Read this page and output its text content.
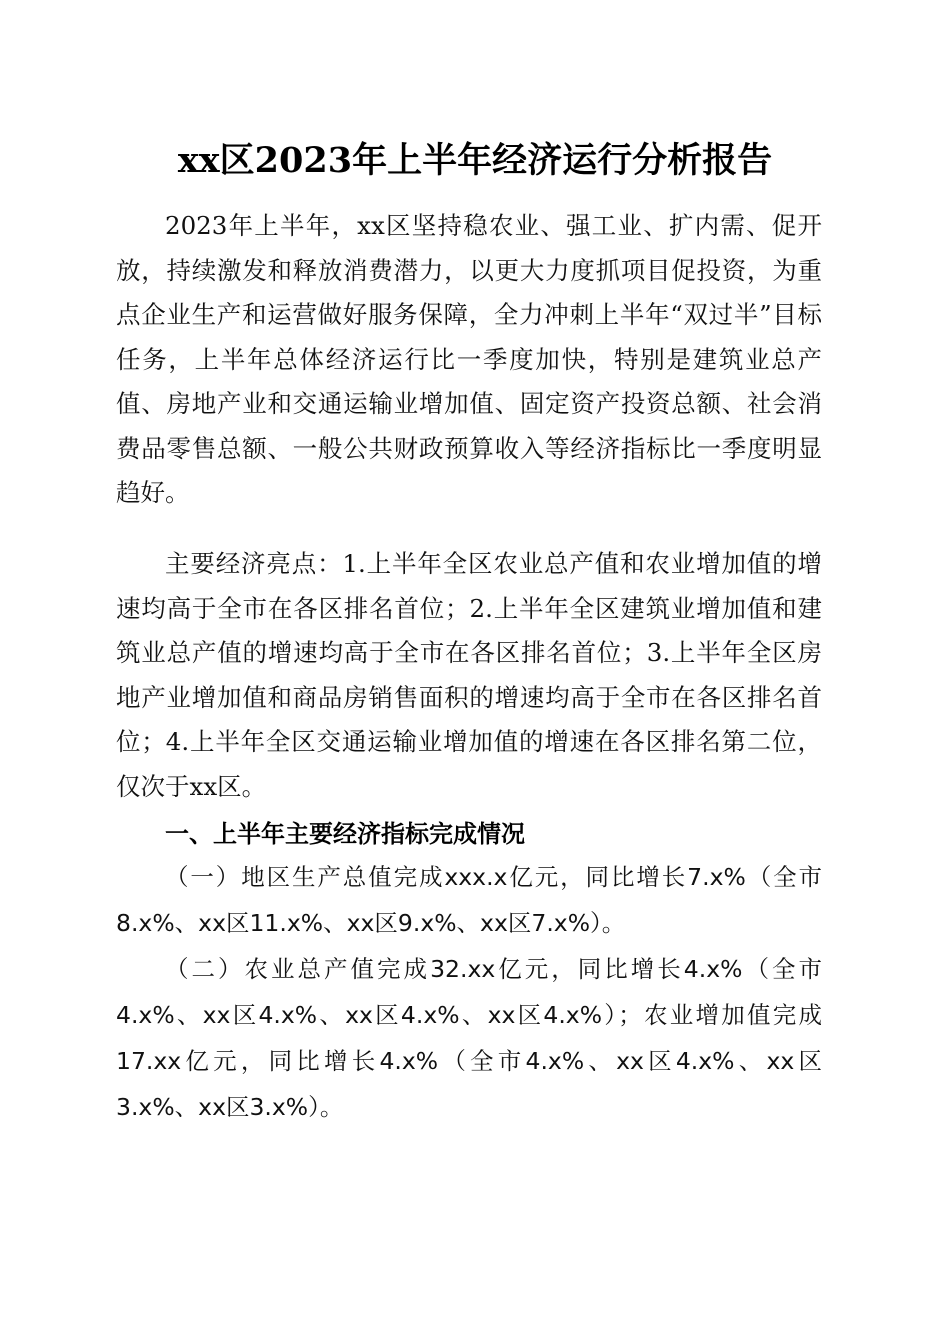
xx区2023年上半年经济运行分析报告

2023年上半年，xx区坚持稳农业、强工业、扩内需、促开放，持续激发和释放消费潜力，以更大力度抓项目促投资，为重点企业生产和运营做好服务保障，全力冲刺上半年“双过半”目标任务，上半年总体经济运行比一季度加快，特别是建筑业总产值、房地产业和交通运输业增加值、固定资产投资总额、社会消费品零售总额、一般公共财政预算收入等经济指标比一季度明显趋好。

主要经济亮点：1.上半年全区农业总产值和农业增加值的增速均高于全市在各区排名首位；2.上半年全区建筑业增加值和建筑业总产值的增速均高于全市在各区排名首位；3.上半年全区房地产业增加值和商品房销售面积的增速均高于全市在各区排名首位；4.上半年全区交通运输业增加值的增速在各区排名第二位，仅次于xx区。

一、上半年主要经济指标完成情况

（一）地区生产总值完成xxx.x亿元，同比增长7.x%（全市8.x%、xx区11.x%、xx区9.x%、xx区7.x%）。

（二）农业总产值完成32.xx亿元，同比增长4.x%（全市4.x%、xx区4.x%、xx区4.x%、xx区4.x%）；农业增加值完成17.xx亿元，同比增长4.x%（全市4.x%、xx区4.x%、xx区3.x%、xx区3.x%）。
